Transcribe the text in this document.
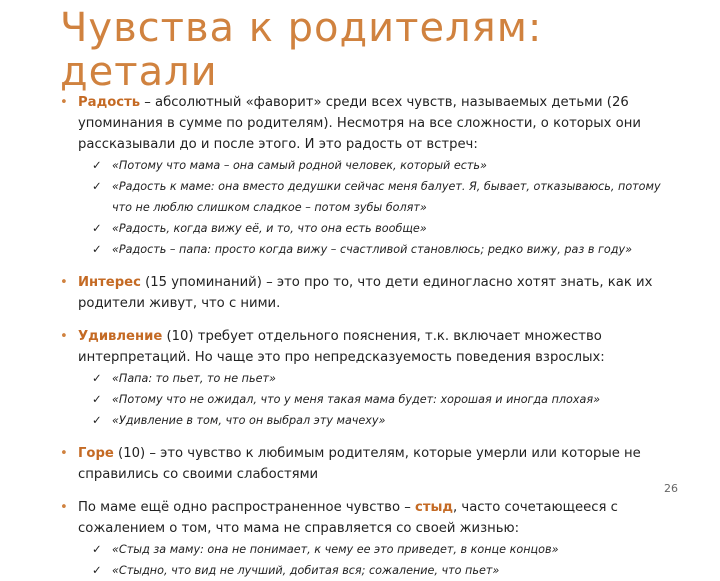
Чувства к родителям: детали
• Радость – абсолютный «фаворит» среди всех чувств, называемых детьми (26 упоминания в сумме по родителям). Несмотря на все сложности, о которых они рассказывали до и после этого. И это радость от встреч:
✓ «Потому что мама – она самый родной человек, который есть»
✓ «Радость к маме: она вместо дедушки сейчас меня балует. Я, бывает, отказываюсь, потому что не люблю слишком сладкое – потом зубы болят»
✓ «Радость, когда вижу её, и то, что она есть вообще»
✓ «Радость – папа: просто когда вижу – счастливой становлюсь; редко вижу, раз в году»
• Интерес (15 упоминаний) – это про то, что дети единогласно хотят знать, как их родители живут, что с ними.
• Удивление (10) требует отдельного пояснения, т.к. включает множество интерпретаций. Но чаще это про непредсказуемость поведения взрослых:
✓ «Папа: то пьет, то не пьет»
✓ «Потому что не ожидал, что у меня такая мама будет: хорошая и иногда плохая»
✓ «Удивление в том, что он выбрал эту мачеху»
• Горе (10) – это чувство к любимым родителям, которые умерли или которые не справились со своими слабостями
• По маме ещё одно распространенное чувство – стыд, часто сочетающееся с сожалением о том, что мама не справляется со своей жизнью:
✓ «Стыд за маму: она не понимает, к чему ее это приведет, в конце концов»
✓ «Стыдно, что вид не лучший, добитая вся; сожаление, что пьет»
26
